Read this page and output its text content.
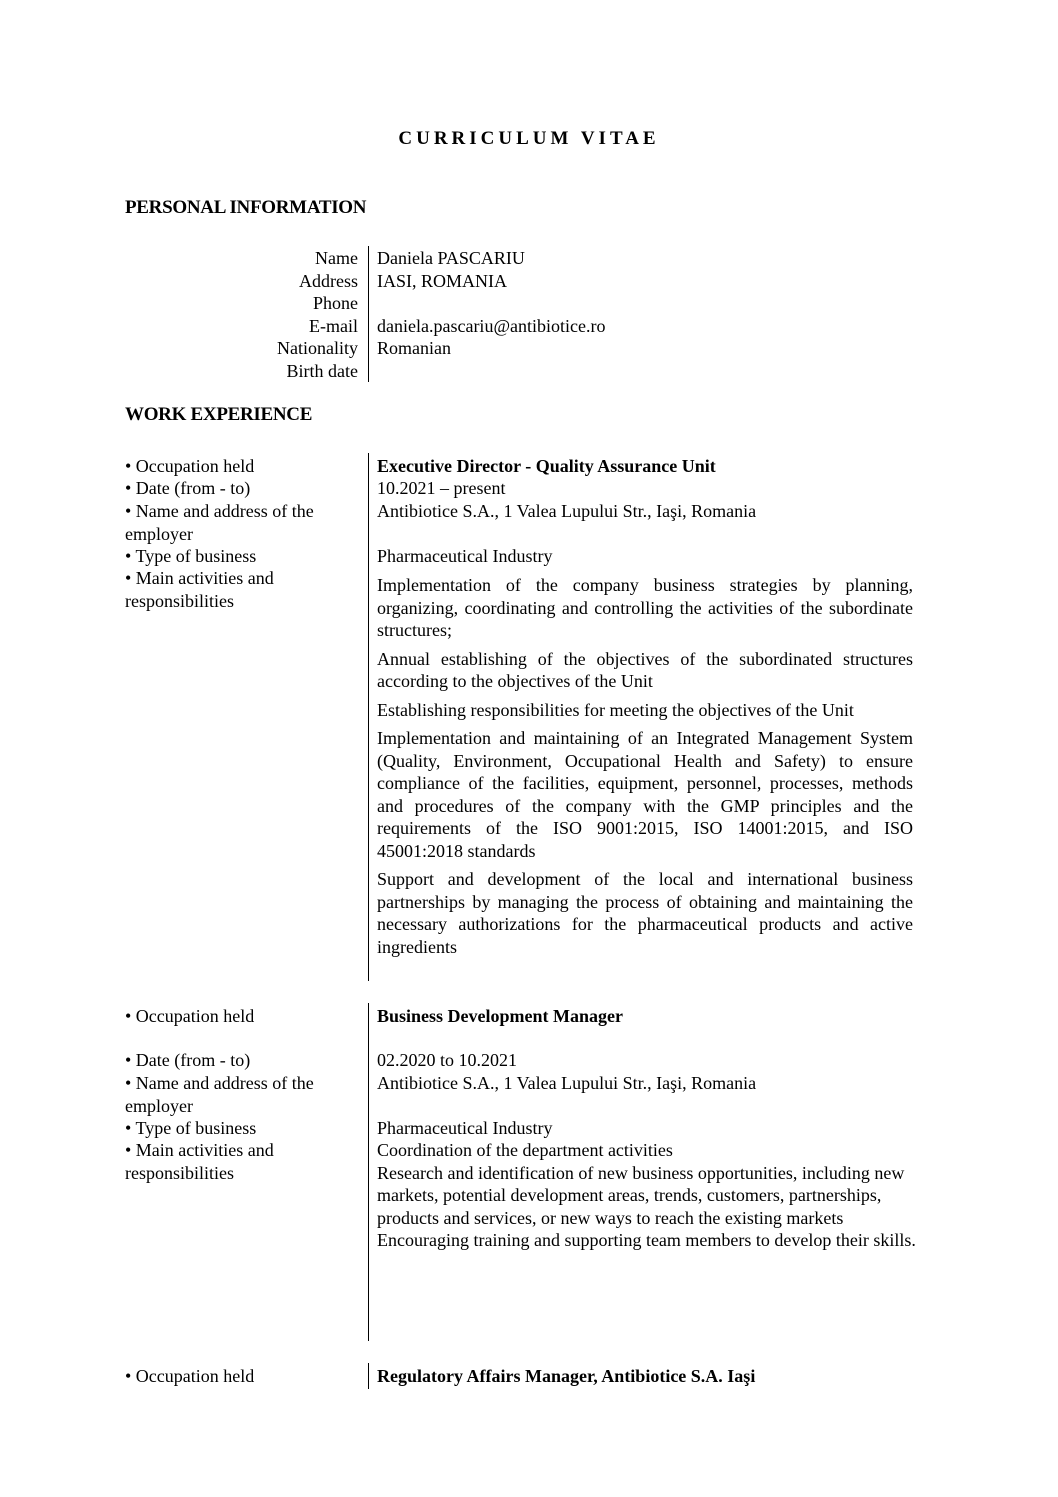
CURRICULUM VITAE
PERSONAL INFORMATION
Name
Address
Phone
E-mail
Nationality
Birth date
Daniela PASCARIU
IASI, ROMANIA
daniela.pascariu@antibiotice.ro
Romanian
WORK EXPERIENCE
• Occupation held
• Date (from - to)
• Name and address of the employer
• Type of business
• Main activities and responsibilities
Executive Director - Quality Assurance Unit
10.2021 – present
Antibiotice S.A., 1 Valea Lupului Str., Iaşi, Romania
Pharmaceutical Industry

Implementation of the company business strategies by planning, organizing, coordinating and controlling the activities of the subordinate structures;

Annual establishing of the objectives of the subordinated structures according to the objectives of the Unit

Establishing responsibilities for meeting the objectives of the Unit

Implementation and maintaining of an Integrated Management System (Quality, Environment, Occupational Health and Safety) to ensure compliance of the facilities, equipment, personnel, processes, methods and procedures of the company with the GMP principles and the requirements of the ISO 9001:2015, ISO 14001:2015, and ISO 45001:2018 standards

Support and development of the local and international business partnerships by managing the process of obtaining and maintaining the necessary authorizations for the pharmaceutical products and active ingredients

• Occupation held
• Date (from - to)
• Name and address of the employer
• Type of business
• Main activities and responsibilities
Business Development Manager
02.2020 to 10.2021
Antibiotice S.A., 1 Valea Lupului Str., Iaşi, Romania
Pharmaceutical Industry

Coordination of the department activities

Research and identification of new business opportunities, including new markets, potential development areas, trends, customers, partnerships, products and services, or new ways to reach the existing markets

Encouraging training and supporting team members to develop their skills.

• Occupation held	Regulatory Affairs Manager, Antibiotice S.A. Iaşi
